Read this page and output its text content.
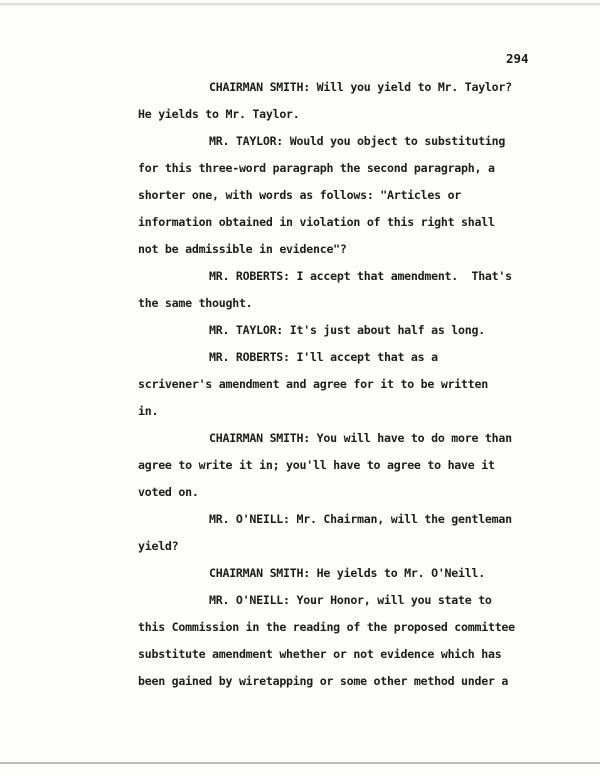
294
CHAIRMAN SMITH: Will you yield to Mr. Taylor?
He yields to Mr. Taylor.
MR. TAYLOR: Would you object to substituting
for this three-word paragraph the second paragraph, a
shorter one, with words as follows: "Articles or
information obtained in violation of this right shall
not be admissible in evidence"?
MR. ROBERTS: I accept that amendment.  That's
the same thought.
MR. TAYLOR: It's just about half as long.
MR. ROBERTS: I'll accept that as a
scrivener's amendment and agree for it to be written
in.
CHAIRMAN SMITH: You will have to do more than
agree to write it in; you'll have to agree to have it
voted on.
MR. O'NEILL: Mr. Chairman, will the gentleman
yield?
CHAIRMAN SMITH: He yields to Mr. O'Neill.
MR. O'NEILL: Your Honor, will you state to
this Commission in the reading of the proposed committee
substitute amendment whether or not evidence which has
been gained by wiretapping or some other method under a
